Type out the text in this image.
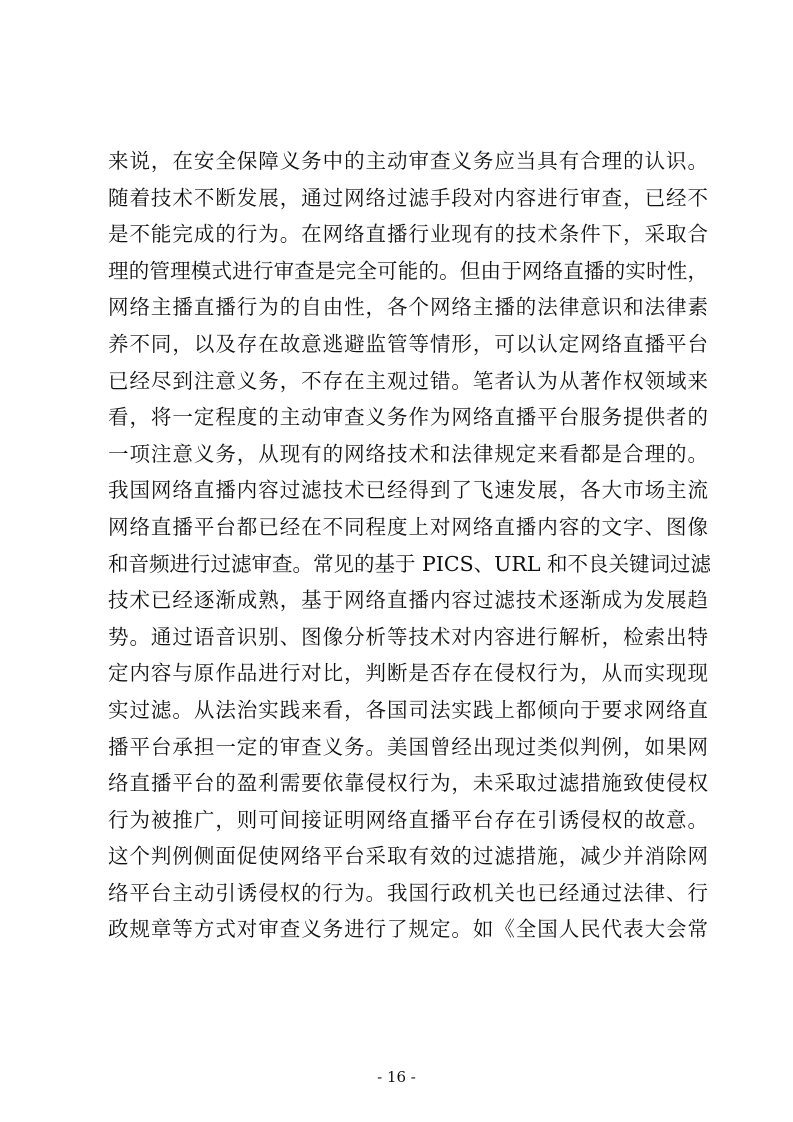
来说，在安全保障义务中的主动审查义务应当具有合理的认识。
随着技术不断发展，通过网络过滤手段对内容进行审查，已经不
是不能完成的行为。在网络直播行业现有的技术条件下，采取合
理的管理模式进行审查是完全可能的。但由于网络直播的实时性，
网络主播直播行为的自由性，各个网络主播的法律意识和法律素
养不同，以及存在故意逃避监管等情形，可以认定网络直播平台
已经尽到注意义务，不存在主观过错。笔者认为从著作权领域来
看，将一定程度的主动审查义务作为网络直播平台服务提供者的
一项注意义务，从现有的网络技术和法律规定来看都是合理的。
我国网络直播内容过滤技术已经得到了飞速发展，各大市场主流
网络直播平台都已经在不同程度上对网络直播内容的文字、图像
和音频进行过滤审查。常见的基于 PICS、URL 和不良关键词过滤
技术已经逐渐成熟，基于网络直播内容过滤技术逐渐成为发展趋
势。通过语音识别、图像分析等技术对内容进行解析，检索出特
定内容与原作品进行对比，判断是否存在侵权行为，从而实现现
实过滤。从法治实践来看，各国司法实践上都倾向于要求网络直
播平台承担一定的审查义务。美国曾经出现过类似判例，如果网
络直播平台的盈利需要依靠侵权行为，未采取过滤措施致使侵权
行为被推广，则可间接证明网络直播平台存在引诱侵权的故意。
这个判例侧面促使网络平台采取有效的过滤措施，减少并消除网
络平台主动引诱侵权的行为。我国行政机关也已经通过法律、行
政规章等方式对审查义务进行了规定。如《全国人民代表大会常
- 16 -
